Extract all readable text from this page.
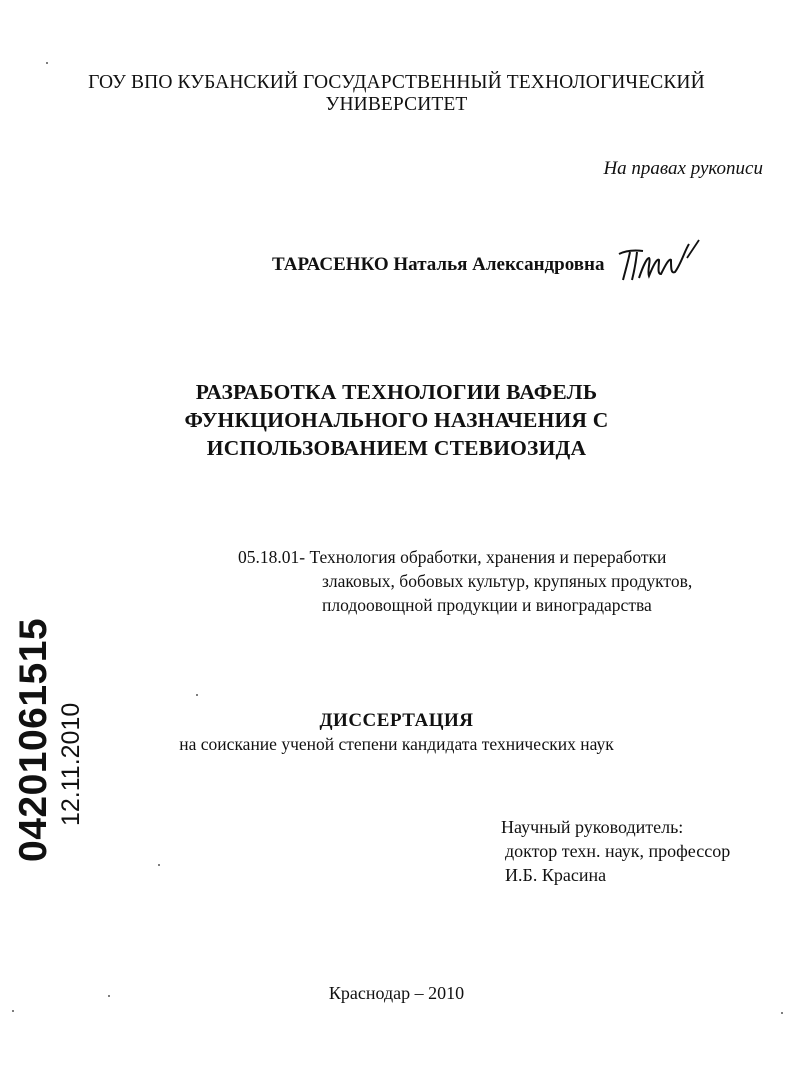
ГОУ ВПО КУБАНСКИЙ ГОСУДАРСТВЕННЫЙ ТЕХНОЛОГИЧЕСКИЙ
УНИВЕРСИТЕТ
На правах рукописи
ТАРАСЕНКО Наталья Александровна
РАЗРАБОТКА ТЕХНОЛОГИИ ВАФЕЛЬ
ФУНКЦИОНАЛЬНОГО НАЗНАЧЕНИЯ С
ИСПОЛЬЗОВАНИЕМ СТЕВИОЗИДА
05.18.01- Технология обработки, хранения и переработки
злаковых, бобовых культур, крупяных продуктов,
плодоовощной продукции и виноградарства
ДИССЕРТАЦИЯ
на соискание ученой степени кандидата технических наук
Научный руководитель:
доктор техн. наук, профессор
И.Б. Красина
Краснодар – 2010
04201061515 12.11.2010
